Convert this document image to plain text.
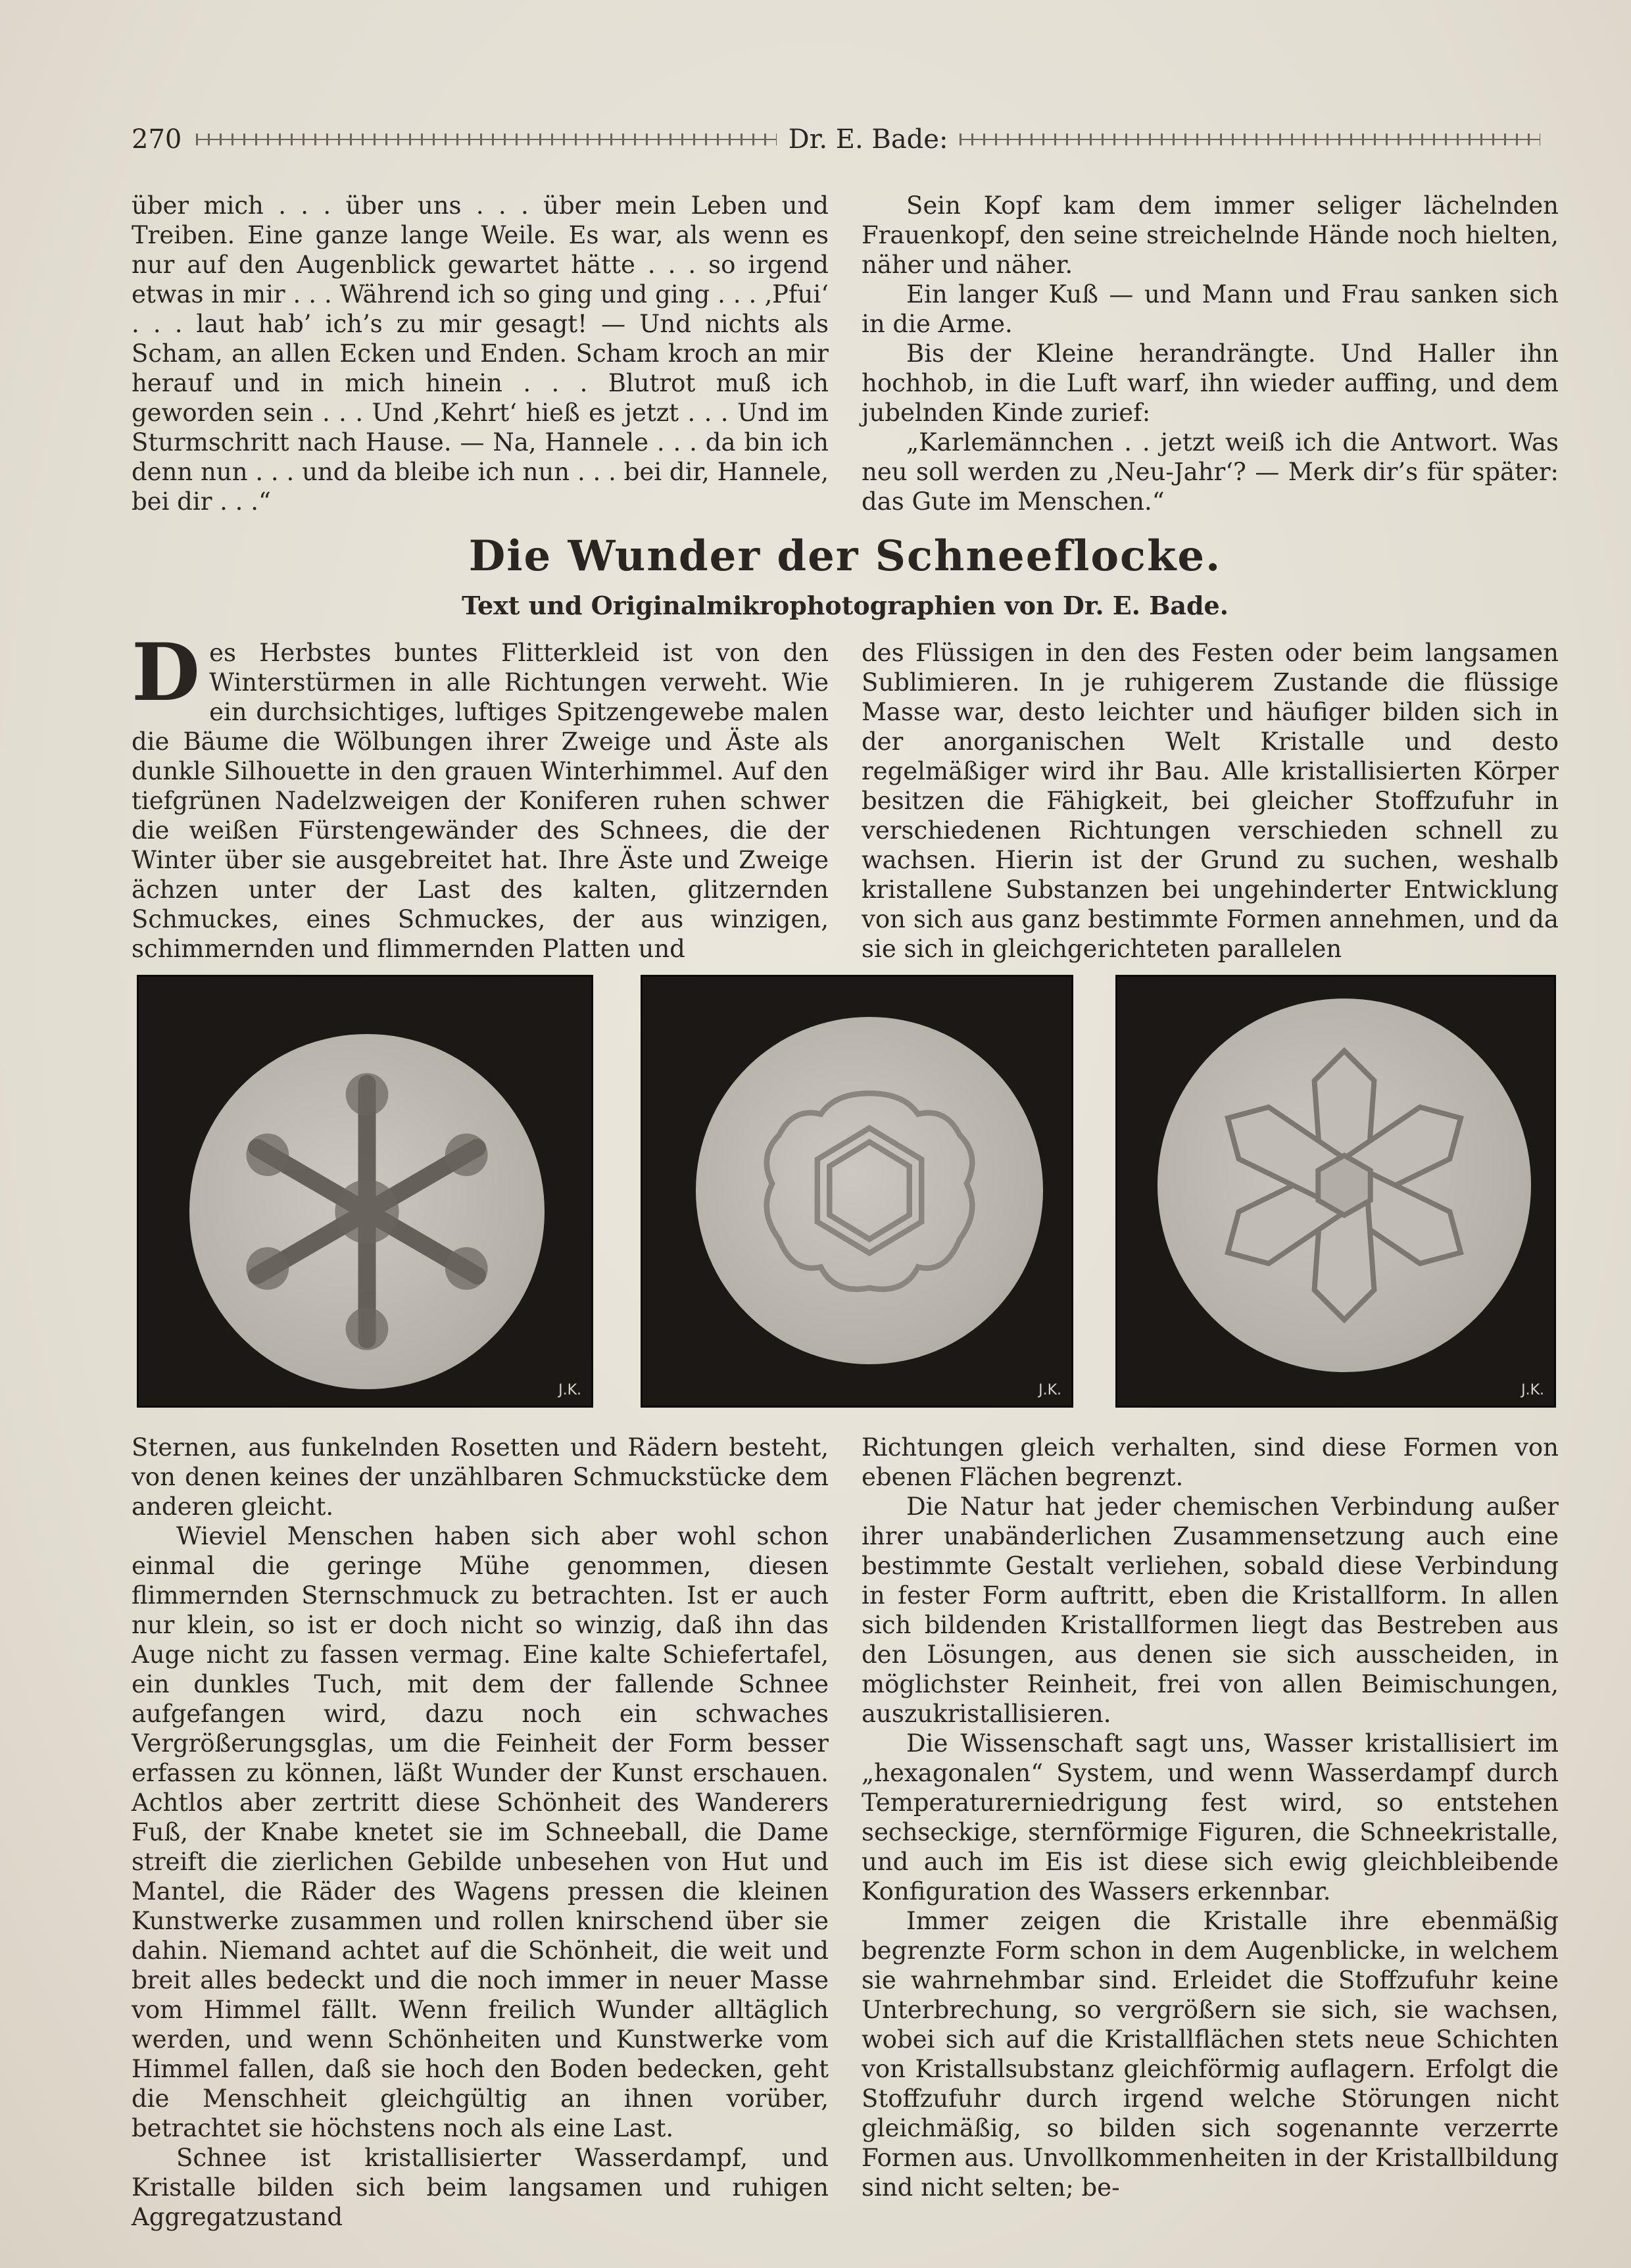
270	Dr. E. Bade:

über mich . . . über uns . . . über mein Leben und Treiben. Eine ganze lange Weile. Es war, als wenn es nur auf den Augenblick gewartet hätte . . . so irgend etwas in mir . . . Während ich so ging und ging . . . ‚Pfui‘ . . . laut hab’ ich’s zu mir gesagt! — Und nichts als Scham, an allen Ecken und Enden. Scham kroch an mir herauf und in mich hinein . . . Blutrot muß ich geworden sein . . . Und ‚Kehrt‘ hieß es jetzt . . . Und im Sturmschritt nach Hause. — Na, Hannele . . . da bin ich denn nun . . . und da bleibe ich nun . . . bei dir, Hannele, bei dir . . .“

Sein Kopf kam dem immer seliger lächelnden Frauenkopf, den seine streichelnde Hände noch hielten, näher und näher.

Ein langer Kuß — und Mann und Frau sanken sich in die Arme.

Bis der Kleine herandrängte. Und Haller ihn hochhob, in die Luft warf, ihn wieder auffing, und dem jubelnden Kinde zurief:

„Karlemännchen . . jetzt weiß ich die Antwort. Was neu soll werden zu ‚Neu-Jahr‘? — Merk dir’s für später: das Gute im Menschen.“

Die Wunder der Schneeflocke.
Text und Originalmikrophotographien von Dr. E. Bade.

Des Herbstes buntes Flitterkleid ist von den Winterstürmen in alle Richtungen verweht. Wie ein durchsichtiges, luftiges Spitzengewebe malen die Bäume die Wölbungen ihrer Zweige und Äste als dunkle Silhouette in den grauen Winterhimmel. Auf den tiefgrünen Nadelzweigen der Koniferen ruhen schwer die weißen Fürstengewänder des Schnees, die der Winter über sie ausgebreitet hat. Ihre Äste und Zweige ächzen unter der Last des kalten, glitzernden Schmuckes, eines Schmuckes, der aus winzigen, schimmernden und flimmernden Platten und

des Flüssigen in den des Festen oder beim langsamen Sublimieren. In je ruhigerem Zustande die flüssige Masse war, desto leichter und häufiger bilden sich in der anorganischen Welt Kristalle und desto regelmäßiger wird ihr Bau. Alle kristallisierten Körper besitzen die Fähigkeit, bei gleicher Stoffzufuhr in verschiedenen Richtungen verschieden schnell zu wachsen. Hierin ist der Grund zu suchen, weshalb kristallene Substanzen bei ungehinderter Entwicklung von sich aus ganz bestimmte Formen annehmen, und da sie sich in gleichgerichteten parallelen

J.K.	J.K.	J.K.

Sternen, aus funkelnden Rosetten und Rädern besteht, von denen keines der unzählbaren Schmuckstücke dem anderen gleicht.

Wieviel Menschen haben sich aber wohl schon einmal die geringe Mühe genommen, diesen flimmernden Sternschmuck zu betrachten. Ist er auch nur klein, so ist er doch nicht so winzig, daß ihn das Auge nicht zu fassen vermag. Eine kalte Schiefertafel, ein dunkles Tuch, mit dem der fallende Schnee aufgefangen wird, dazu noch ein schwaches Vergrößerungsglas, um die Feinheit der Form besser erfassen zu können, läßt Wunder der Kunst erschauen. Achtlos aber zertritt diese Schönheit des Wanderers Fuß, der Knabe knetet sie im Schneeball, die Dame streift die zierlichen Gebilde unbesehen von Hut und Mantel, die Räder des Wagens pressen die kleinen Kunstwerke zusammen und rollen knirschend über sie dahin. Niemand achtet auf die Schönheit, die weit und breit alles bedeckt und die noch immer in neuer Masse vom Himmel fällt. Wenn freilich Wunder alltäglich werden, und wenn Schönheiten und Kunstwerke vom Himmel fallen, daß sie hoch den Boden bedecken, geht die Menschheit gleichgültig an ihnen vorüber, betrachtet sie höchstens noch als eine Last.

Schnee ist kristallisierter Wasserdampf, und Kristalle bilden sich beim langsamen und ruhigen Aggregatzustand

Richtungen gleich verhalten, sind diese Formen von ebenen Flächen begrenzt.

Die Natur hat jeder chemischen Verbindung außer ihrer unabänderlichen Zusammensetzung auch eine bestimmte Gestalt verliehen, sobald diese Verbindung in fester Form auftritt, eben die Kristallform. In allen sich bildenden Kristallformen liegt das Bestreben aus den Lösungen, aus denen sie sich ausscheiden, in möglichster Reinheit, frei von allen Beimischungen, auszukristallisieren.

Die Wissenschaft sagt uns, Wasser kristallisiert im „hexagonalen“ System, und wenn Wasserdampf durch Temperaturerniedrigung fest wird, so entstehen sechseckige, sternförmige Figuren, die Schneekristalle, und auch im Eis ist diese sich ewig gleichbleibende Konfiguration des Wassers erkennbar.

Immer zeigen die Kristalle ihre ebenmäßig begrenzte Form schon in dem Augenblicke, in welchem sie wahrnehmbar sind. Erleidet die Stoffzufuhr keine Unterbrechung, so vergrößern sie sich, sie wachsen, wobei sich auf die Kristallflächen stets neue Schichten von Kristallsubstanz gleichförmig auflagern. Erfolgt die Stoffzufuhr durch irgend welche Störungen nicht gleichmäßig, so bilden sich sogenannte verzerrte Formen aus. Unvollkommenheiten in der Kristallbildung sind nicht selten; be-
